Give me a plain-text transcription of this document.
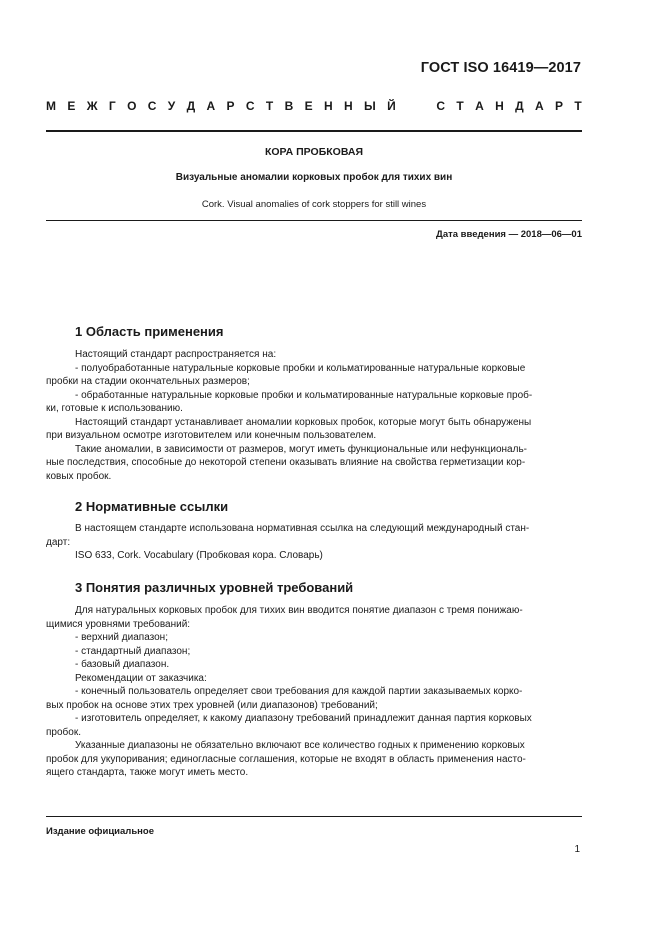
ГОСТ ISO 16419—2017
М Е Ж Г О С У Д А Р С Т В Е Н Н Ы Й	С Т А Н Д А Р Т
КОРА ПРОБКОВАЯ
Визуальные аномалии корковых пробок для тихих вин
Cork. Visual anomalies of cork stoppers for still wines
Дата введения — 2018—06—01
1 Область применения

Настоящий стандарт распространяется на:

- полуобработанные натуральные корковые пробки и кольматированные натуральные корковые

пробки на стадии окончательных размеров;

- обработанные натуральные корковые пробки и кольматированные натуральные корковые проб-

ки, готовые к использованию.

Настоящий стандарт устанавливает аномалии корковых пробок, которые могут быть обнаружены

при визуальном осмотре изготовителем или конечным пользователем.

Такие аномалии, в зависимости от размеров, могут иметь функциональные или нефункциональ-

ные последствия, способные до некоторой степени оказывать влияние на свойства герметизации кор-

ковых пробок.

2 Нормативные ссылки

В настоящем стандарте использована нормативная ссылка на следующий международный стан-

дарт:

ISO 633, Cork. Vocabulary (Пробковая кора. Словарь)

3 Понятия различных уровней требований

Для натуральных корковых пробок для тихих вин вводится понятие диапазон с тремя понижаю-

щимися уровнями требований:

- верхний диапазон;

- стандартный диапазон;

- базовый диапазон.

Рекомендации от заказчика:

- конечный пользователь определяет свои требования для каждой партии заказываемых корко-

вых пробок на основе этих трех уровней (или диапазонов) требований;

- изготовитель определяет, к какому диапазону требований принадлежит данная партия корковых

пробок.

Указанные диапазоны не обязательно включают все количество годных к применению корковых

пробок для укупоривания; единогласные соглашения, которые не входят в область применения насто-

ящего стандарта, также могут иметь место.

Издание официальное
1
